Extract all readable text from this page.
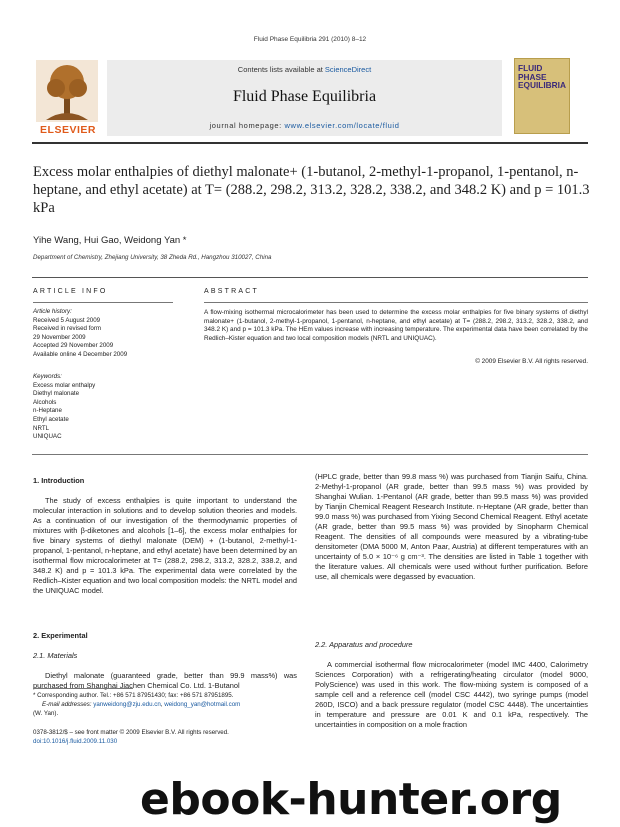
Fluid Phase Equilibria 291 (2010) 8–12
Contents lists available at ScienceDirect
Fluid Phase Equilibria
journal homepage: www.elsevier.com/locate/fluid
ELSEVIER
FLUID PHASE EQUILIBRIA
Excess molar enthalpies of diethyl malonate+ (1-butanol, 2-methyl-1-propanol, 1-pentanol, n-heptane, and ethyl acetate) at T= (288.2, 298.2, 313.2, 328.2, 338.2, and 348.2 K) and p = 101.3 kPa
Yihe Wang, Hui Gao, Weidong Yan *
Department of Chemistry, Zhejiang University, 38 Zheda Rd., Hangzhou 310027, China
ARTICLE INFO	ABSTRACT
Article history:
Received 5 August 2009
Received in revised form
29 November 2009
Accepted 29 November 2009
Available online 4 December 2009
Keywords:
Excess molar enthalpy
Diethyl malonate
Alcohols
n-Heptane
Ethyl acetate
NRTL
UNIQUAC
A flow-mixing isothermal microcalorimeter has been used to determine the excess molar enthalpies for five binary systems of diethyl malonate+ (1-butanol, 2-methyl-1-propanol, 1-pentanol, n-heptane, and ethyl acetate) at T= (288.2, 298.2, 313.2, 328.2, 338.2, and 348.2 K) and p = 101.3 kPa. The HEm values increase with increasing temperature. The experimental data have been correlated by the Redlich–Kister equation and two local composition models (NRTL and UNIQUAC).
© 2009 Elsevier B.V. All rights reserved.
1. Introduction

The study of excess enthalpies is quite important to understand the molecular interaction in solutions and to develop solution theories and models. As a continuation of our investigation of the thermodynamic properties of mixtures with β-diketones and alcohols [1–6], the excess molar enthalpies for five binary systems of diethyl malonate (DEM) + (1-butanol, 2-methyl-1-propanol, 1-pentanol, n-heptane, and ethyl acetate) have been determined by an isothermal flow microcalorimeter at T= (288.2, 298.2, 313.2, 328.2, 338.2, and 348.2 K) and p = 101.3 kPa. The experimental data were correlated by the Redlich–Kister equation and two local composition models: the NRTL model and the UNIQUAC model.

2. Experimental
2.1. Materials

Diethyl malonate (guaranteed grade, better than 99.9 mass%) was purchased from Shanghai Jiachen Chemical Co. Ltd. 1-Butanol

(HPLC grade, better than 99.8 mass %) was purchased from Tianjin Saifu, China. 2-Methyl-1-propanol (AR grade, better than 99.5 mass %) was provided by Shanghai Wulian. 1-Pentanol (AR grade, better than 99.5 mass %) was provided by Tianjin Chemical Reagent Research Institute. n-Heptane (AR grade, better than 99.0 mass %) was purchased from Yixing Second Chemical Reagent. Ethyl acetate (AR grade, better than 99.5 mass %) was provided by Sinopharm Chemical Reagent. The densities of all compounds were measured by a vibrating-tube densitometer (DMA 5000 M, Anton Paar, Austria) at different temperatures with an uncertainty of 5.0 × 10⁻⁶ g cm⁻³. The densities are listed in Table 1 together with the literature values. All chemicals were used without further purification. Before use, all chemicals were degassed by evacuation.

2.2. Apparatus and procedure

A commercial isothermal flow microcalorimeter (model IMC 4400, Calorimetry Sciences Corporation) with a refrigerating/heating circulator (model 9000, PolyScience) was used in this work. The flow-mixing system is composed of a sample cell and a reference cell (model CSC 4442), two syringe pumps (model 260D, ISCO) and a back pressure regulator (model CSC 4448). The uncertainties in temperature and pressure are 0.01 K and 0.1 kPa, respectively. The uncertainties in composition on a mole fraction

* Corresponding author. Tel.: +86 571 87951430; fax: +86 571 87951895.
E-mail addresses: yanweidong@zju.edu.cn, weidong_yan@hotmail.com
(W. Yan).
0378-3812/$ – see front matter © 2009 Elsevier B.V. All rights reserved.
doi:10.1016/j.fluid.2009.11.030
ebook-hunter.org
